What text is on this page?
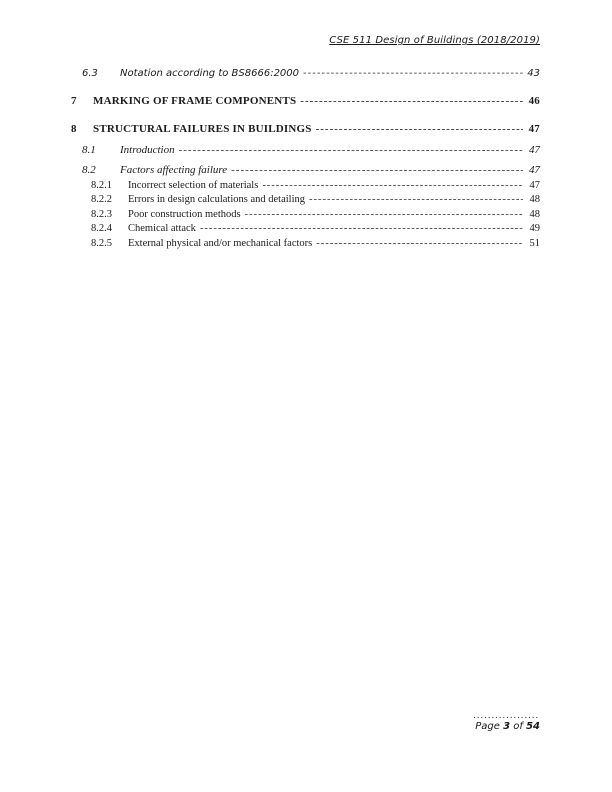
CSE 511 Design of Buildings (2018/2019)
6.3	Notation according to BS8666:2000 -----	43
7	MARKING OF FRAME COMPONENTS -----	46
8	STRUCTURAL FAILURES IN BUILDINGS -----	47
8.1	Introduction -----	47
8.2	Factors affecting failure -----	47
8.2.1	Incorrect selection of materials -----	47
8.2.2	Errors in design calculations and detailing -----	48
8.2.3	Poor construction methods -----	48
8.2.4	Chemical attack -----	49
8.2.5	External physical and/or mechanical factors -----	51
..................
Page 3 of 54
